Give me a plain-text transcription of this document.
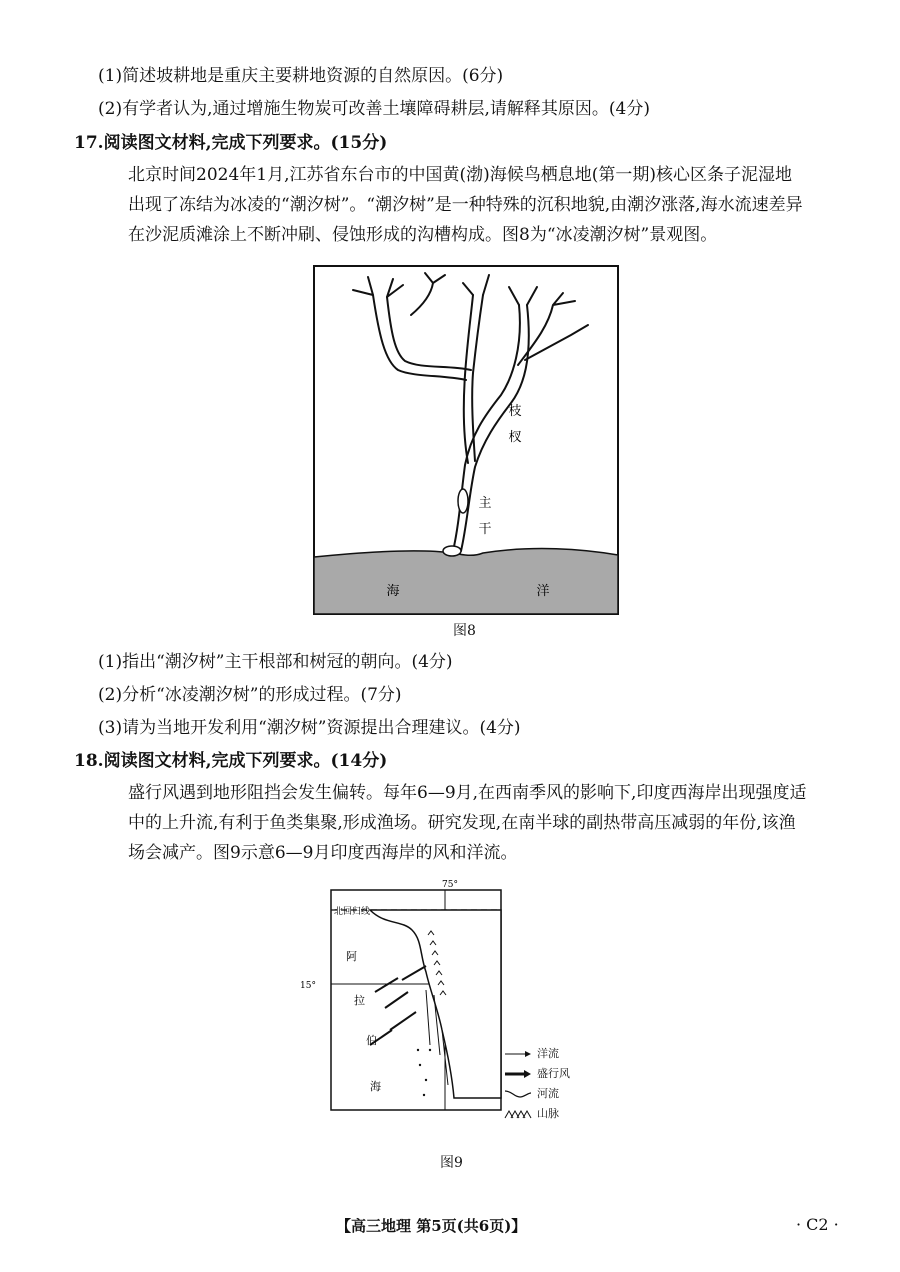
(1)简述坡耕地是重庆主要耕地资源的自然原因。(6分)
(2)有学者认为,通过增施生物炭可改善土壤障碍耕层,请解释其原因。(4分)
17.阅读图文材料,完成下列要求。(15分)
北京时间2024年1月,江苏省东台市的中国黄(渤)海候鸟栖息地(第一期)核心区条子泥湿地出现了冻结为冰凌的“潮汐树”。“潮汐树”是一种特殊的沉积地貌,由潮汐涨落,海水流速差异在沙泥质滩涂上不断冲刷、侵蚀形成的沟槽构成。图8为“冰凌潮汐树”景观图。
枝
杈
主
干
海	洋
图8
(1)指出“潮汐树”主干根部和树冠的朝向。(4分)
(2)分析“冰凌潮汐树”的形成过程。(7分)
(3)请为当地开发利用“潮汐树”资源提出合理建议。(4分)
18.阅读图文材料,完成下列要求。(14分)
盛行风遇到地形阻挡会发生偏转。每年6—9月,在西南季风的影响下,印度西海岸出现强度适中的上升流,有利于鱼类集聚,形成渔场。研究发现,在南半球的副热带高压减弱的年份,该渔场会减产。图9示意6—9月印度西海岸的风和洋流。
75°
15°
北回归线
阿
拉
伯
海
洋流
盛行风
河流
山脉
图9
【高三地理 第5页(共6页)】	· C2 ·
